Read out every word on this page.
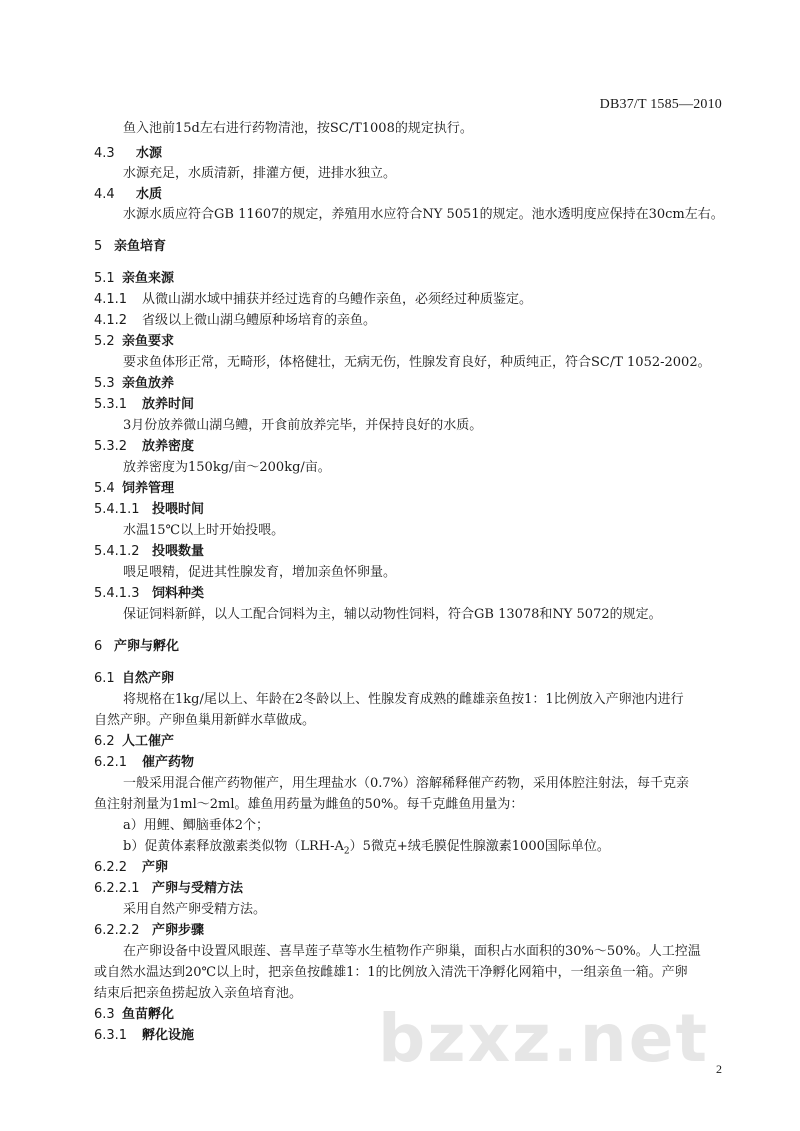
DB37/T 1585—2010
鱼入池前15d左右进行药物清池，按SC/T1008的规定执行。
4.3 水源
水源充足，水质清新，排灌方便，进排水独立。
4.4 水质
水源水质应符合GB 11607的规定，养殖用水应符合NY 5051的规定。池水透明度应保持在30cm左右。
5 亲鱼培育
5.1 亲鱼来源
4.1.1 从微山湖水域中捕获并经过选育的乌鳢作亲鱼，必须经过种质鉴定。
4.1.2 省级以上微山湖乌鳢原种场培育的亲鱼。
5.2 亲鱼要求
要求鱼体形正常，无畸形，体格健壮，无病无伤，性腺发育良好，种质纯正，符合SC/T 1052-2002。
5.3 亲鱼放养
5.3.1 放养时间
3月份放养微山湖乌鳢，开食前放养完毕，并保持良好的水质。
5.3.2 放养密度
放养密度为150kg/亩～200kg/亩。
5.4 饲养管理
5.4.1.1 投喂时间
水温15℃以上时开始投喂。
5.4.1.2 投喂数量
喂足喂精，促进其性腺发育，增加亲鱼怀卵量。
5.4.1.3 饲料种类
保证饲料新鲜，以人工配合饲料为主，辅以动物性饲料，符合GB 13078和NY 5072的规定。
6 产卵与孵化
6.1 自然产卵
将规格在1kg/尾以上、年龄在2冬龄以上、性腺发育成熟的雌雄亲鱼按1：1比例放入产卵池内进行
自然产卵。产卵鱼巢用新鲜水草做成。
6.2 人工催产
6.2.1 催产药物
一般采用混合催产药物催产，用生理盐水（0.7%）溶解稀释催产药物，采用体腔注射法，每千克亲
鱼注射剂量为1ml～2ml。雄鱼用药量为雌鱼的50%。每千克雌鱼用量为：
a）用鲤、鲫脑垂体2个；
b）促黄体素释放激素类似物$(LRH-A_2)5$微克+绒毛膜促性腺激素1000国际单位。
6.2.2 产卵
6.2.2.1 产卵与受精方法
采用自然产卵受精方法。
6.2.2.2 产卵步骤
在产卵设备中设置风眼莲、喜旱莲子草等水生植物作产卵巢，面积占水面积的30%～50%。人工控温
或自然水温达到20℃以上时，把亲鱼按雌雄1：1的比例放入清洗干净孵化网箱中，一组亲鱼一箱。产卵
结束后把亲鱼捞起放入亲鱼培育池。
6.3 鱼苗孵化
6.3.1 孵化设施	bzxz.net 2
